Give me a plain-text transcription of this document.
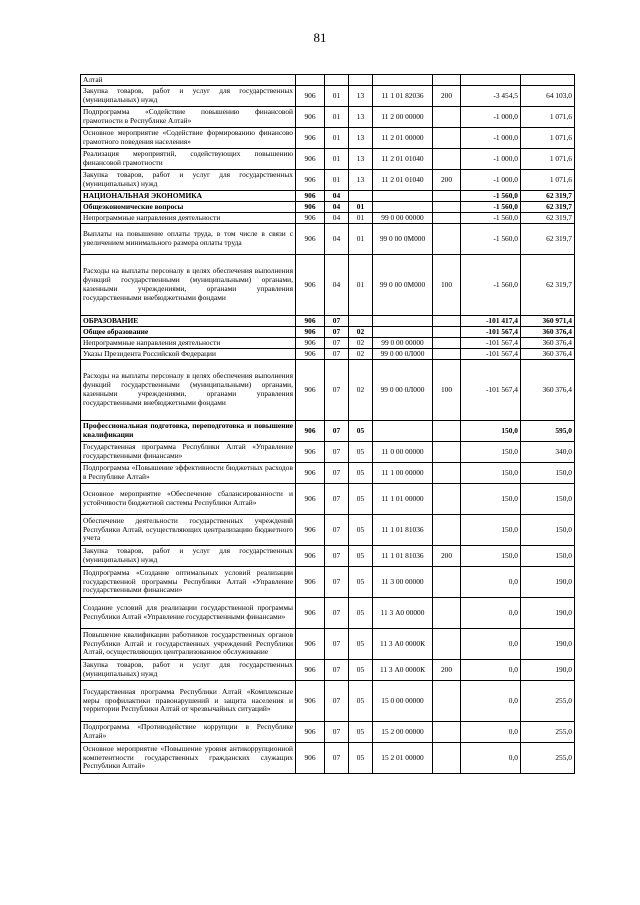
81
Алтай							
Закупка товаров, работ и услуг для государственных (муниципальных) нужд	906	01	13	11 1 01 82036	200	-3 454,5	64 103,0
Подпрограмма «Содействие повышению финансовой грамотности в Республике Алтай»	906	01	13	11 2 00 00000		-1 000,0	1 071,6
Основное мероприятие «Содействие формированию финансово грамотного поведения населения»	906	01	13	11 2 01 00000		-1 000,0	1 071,6
Реализация мероприятий, содействующих повышению финансовой грамотности	906	01	13	11 2 01 01040		-1 000,0	1 071,6
Закупка товаров, работ и услуг для государственных (муниципальных) нужд	906	01	13	11 2 01 01040	200	-1 000,0	1 071,6
НАЦИОНАЛЬНАЯ ЭКОНОМИКА	906	04				-1 560,0	62 319,7
Общеэкономические вопросы	906	04	01			-1 560,0	62 319,7
Непрограммные направления деятельности	906	04	01	99 0 00 00000		-1 560,0	62 319,7
Выплаты на повышение оплаты труда, в том числе в связи с увеличением минимального размера оплаты труда	906	04	01	99 0 00 0М000		-1 560,0	62 319,7
Расходы на выплаты персоналу в целях обеспечения выполнения функций государственными (муниципальными) органами, казенными учреждениями, органами управления государственными внебюджетными фондами	906	04	01	99 0 00 0М000	100	-1 560,0	62 319,7
ОБРАЗОВАНИЕ	906	07				-101 417,4	360 971,4
Общее образование	906	07	02			-101 567,4	360 376,4
Непрограммные направления деятельности	906	07	02	99 0 00 00000		-101 567,4	360 376,4
Указы Президента Российской Федерации	906	07	02	99 0 00 0Л000		-101 567,4	360 376,4
Расходы на выплаты персоналу в целях обеспечения выполнения функций государственными (муниципальными) органами, казенными учреждениями, органами управления государственными внебюджетными фондами	906	07	02	99 0 00 0Л000	100	-101 567,4	360 376,4
Профессиональная подготовка, переподготовка и повышение квалификации	906	07	05			150,0	595,0
Государственная программа Республики Алтай «Управление государственными финансами»	906	07	05	11 0 00 00000		150,0	340,0
Подпрограмма «Повышение эффективности бюджетных расходов в Республике Алтай»	906	07	05	11 1 00 00000		150,0	150,0
Основное мероприятие «Обеспечение сбалансированности и устойчивости бюджетной системы Республики Алтай»	906	07	05	11 1 01 00000		150,0	150,0
Обеспечение деятельности государственных учреждений Республики Алтай, осуществляющих централизацию бюджетного учета	906	07	05	11 1 01 81036		150,0	150,0
Закупка товаров, работ и услуг для государственных (муниципальных) нужд	906	07	05	11 1 01 81036	200	150,0	150,0
Подпрограмма «Создание оптимальных условий реализации государственной программы Республики Алтай «Управление государственными финансами»	906	07	05	11 3 00 00000		0,0	190,0
Создание условий для реализации государственной программы Республики Алтай «Управление государственными финансами»	906	07	05	11 3 А0 00000		0,0	190,0
Повышение квалификации работников государственных органов Республики Алтай и государственных учреждений Республики Алтай, осуществляющих централизованное обслуживание	906	07	05	11 3 А0 0000К		0,0	190,0
Закупка товаров, работ и услуг для государственных (муниципальных) нужд	906	07	05	11 3 А0 0000К	200	0,0	190,0
Государственная программа Республики Алтай «Комплексные меры профилактики правонарушений и защита населения и территории Республики Алтай от чрезвычайных ситуаций»	906	07	05	15 0 00 00000		0,0	255,0
Подпрограмма «Противодействие коррупции в Республике Алтай»	906	07	05	15 2 00 00000		0,0	255,0
Основное мероприятие «Повышение уровня антикоррупционной компетентности государственных гражданских служащих Республики Алтай»	906	07	05	15 2 01 00000		0,0	255,0
